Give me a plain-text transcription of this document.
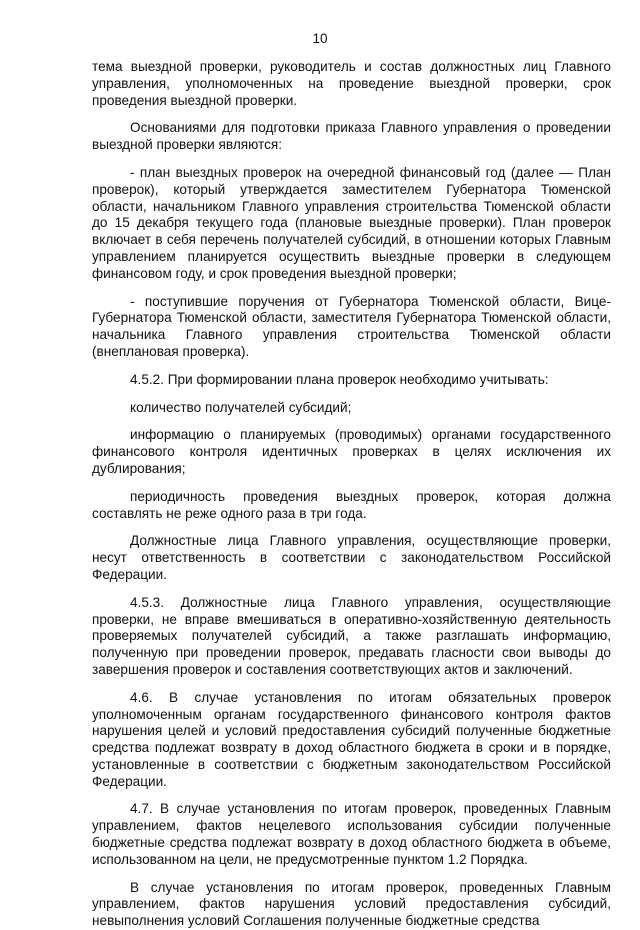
10

тема выездной проверки, руководитель и состав должностных лиц Главного управления, уполномоченных на проведение выездной проверки, срок проведения выездной проверки.

Основаниями для подготовки приказа Главного управления о проведении выездной проверки являются:

- план выездных проверок на очередной финансовый год (далее — План проверок), который утверждается заместителем Губернатора Тюменской области, начальником Главного управления строительства Тюменской области до 15 декабря текущего года (плановые выездные проверки). План проверок включает в себя перечень получателей субсидий, в отношении которых Главным управлением планируется осуществить выездные проверки в следующем финансовом году, и срок проведения выездной проверки;

- поступившие поручения от Губернатора Тюменской области, Вице-Губернатора Тюменской области, заместителя Губернатора Тюменской области, начальника Главного управления строительства Тюменской области (внеплановая проверка).

4.5.2. При формировании плана проверок необходимо учитывать:

количество получателей субсидий;

информацию о планируемых (проводимых) органами государственного финансового контроля идентичных проверках в целях исключения их дублирования;

периодичность проведения выездных проверок, которая должна составлять не реже одного раза в три года.

Должностные лица Главного управления, осуществляющие проверки, несут ответственность в соответствии с законодательством Российской Федерации.

4.5.3. Должностные лица Главного управления, осуществляющие проверки, не вправе вмешиваться в оперативно-хозяйственную деятельность проверяемых получателей субсидий, а также разглашать информацию, полученную при проведении проверок, предавать гласности свои выводы до завершения проверок и составления соответствующих актов и заключений.

4.6. В случае установления по итогам обязательных проверок уполномоченным органам государственного финансового контроля фактов нарушения целей и условий предоставления субсидий полученные бюджетные средства подлежат возврату в доход областного бюджета в сроки и в порядке, установленные в соответствии с бюджетным законодательством Российской Федерации.

4.7. В случае установления по итогам проверок, проведенных Главным управлением, фактов нецелевого использования субсидии полученные бюджетные средства подлежат возврату в доход областного бюджета в объеме, использованном на цели, не предусмотренные пунктом 1.2 Порядка.

В случае установления по итогам проверок, проведенных Главным управлением, фактов нарушения условий предоставления субсидий, невыполнения условий Соглашения полученные бюджетные средства
